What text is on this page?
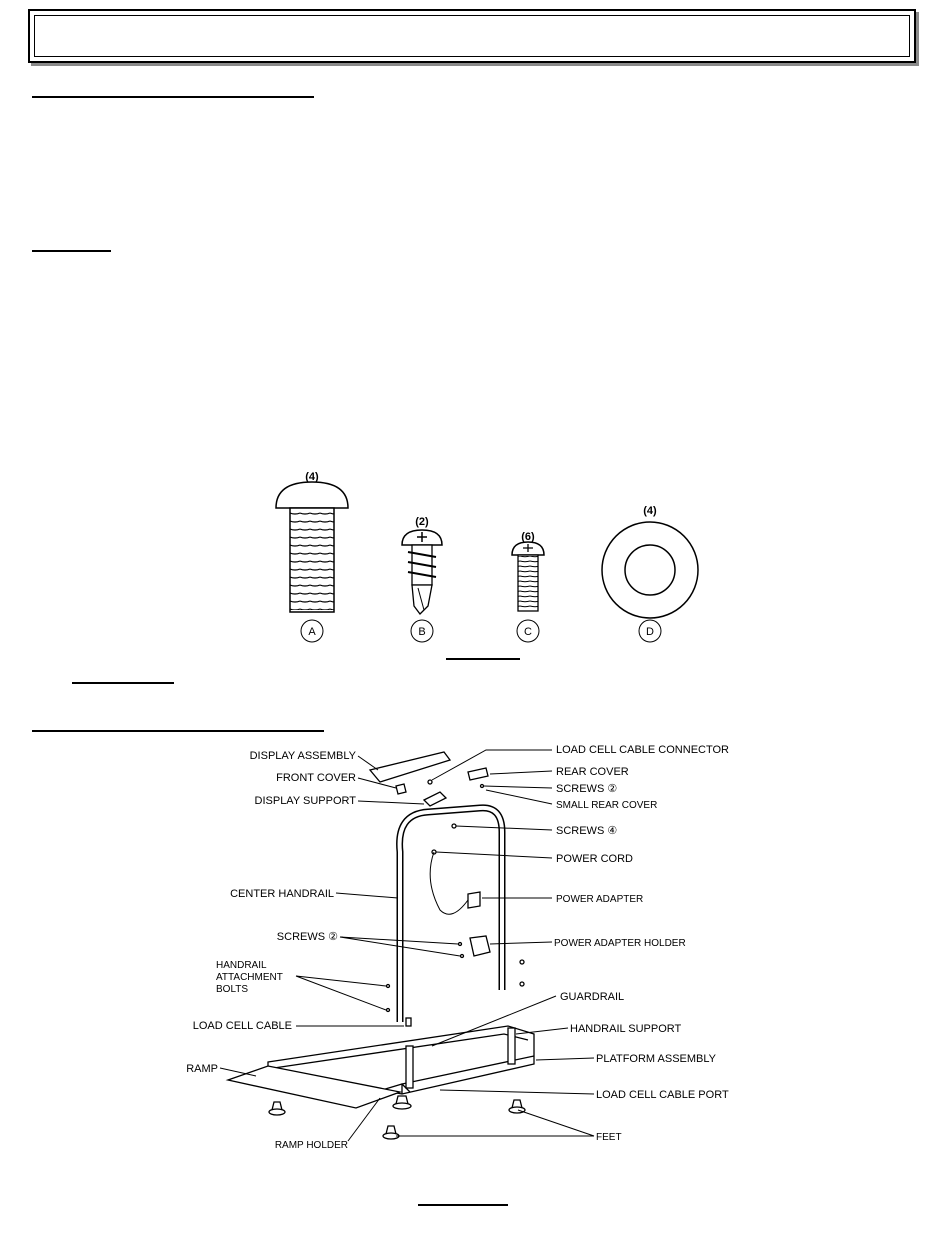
(4)
A
(2)
B
(6)
C
(4)
D
DISPLAY ASSEMBLY
FRONT COVER
DISPLAY SUPPORT
CENTER HANDRAIL
SCREWS ②
HANDRAIL
ATTACHMENT
BOLTS
LOAD CELL CABLE
RAMP
RAMP HOLDER
LOAD CELL CABLE CONNECTOR
REAR COVER
SCREWS ②
SMALL REAR COVER
SCREWS ④
POWER CORD
POWER ADAPTER
POWER ADAPTER HOLDER
GUARDRAIL
HANDRAIL SUPPORT
PLATFORM ASSEMBLY
LOAD CELL CABLE PORT
FEET
